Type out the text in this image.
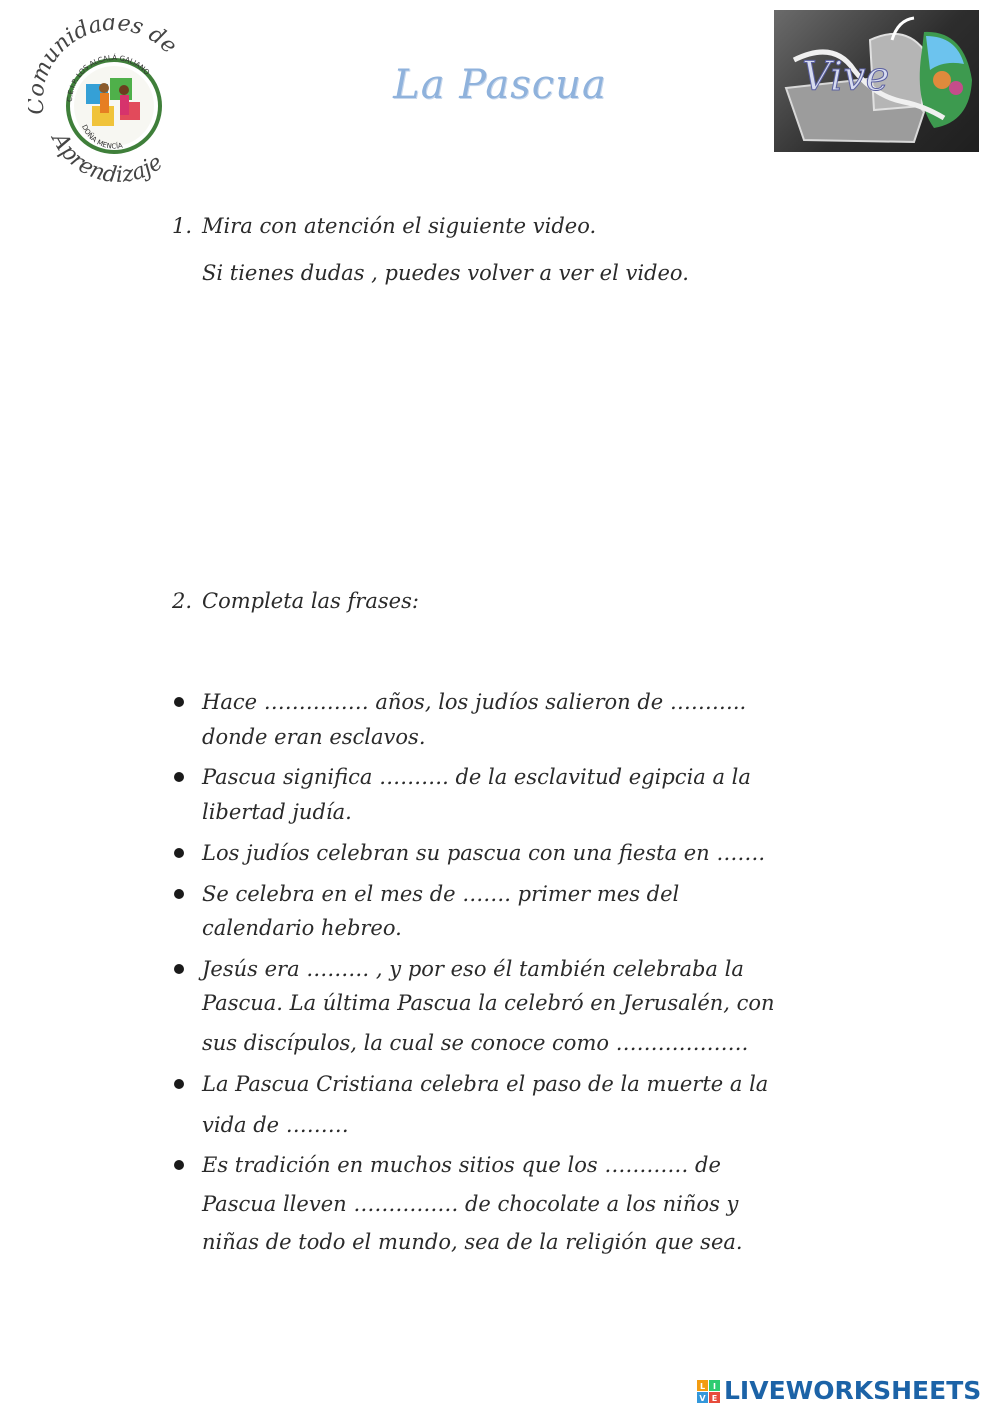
munidades de
Aprendizaje
C.E.I.P. LOS ALCALÁ GALIANO
DOÑA MENCÍA
La Pascua	Vive
1. Mira con atención el siguiente video.
Si tienes dudas , puedes volver a ver el video.
2. Completa las frases:
Hace …………… años, los judíos salieron de ………..
donde eran esclavos.
Pascua significa ………. de la esclavitud egipcia a la
libertad judía.
Los judíos celebran su pascua con una fiesta en …….
Se celebra en el mes de ……. primer mes del
calendario hebreo.
Jesús era ……… , y por eso él también celebraba la
Pascua. La última Pascua la celebró en Jerusalén, con
sus discípulos, la cual se conoce como ……………….
La Pascua Cristiana celebra el paso de la muerte a la
vida de ………
Es tradición en muchos sitios que los ………… de
Pascua lleven …………… de chocolate a los niños y
niñas de todo el mundo, sea de la religión que sea.
L I
V E LIVEWORKSHEETS
